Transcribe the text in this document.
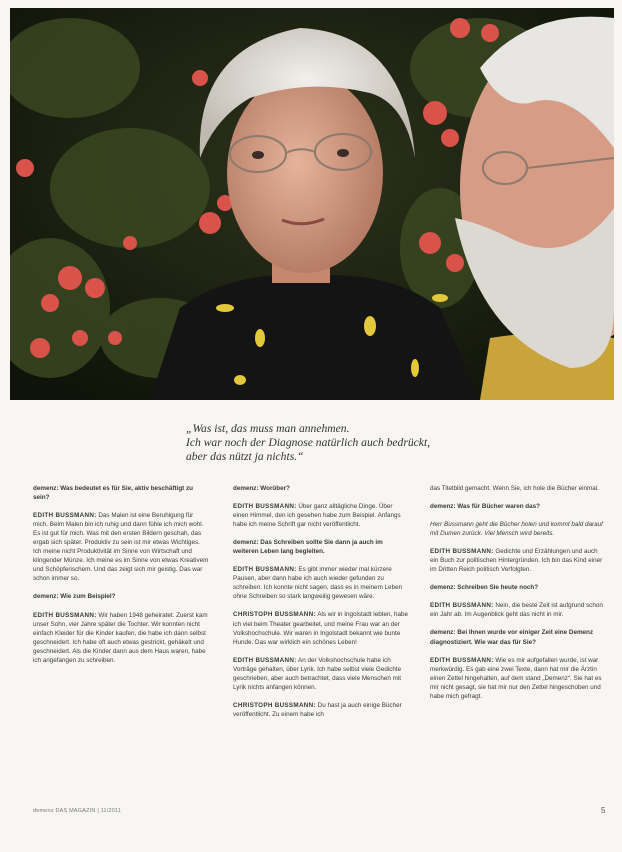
„Was ist, das muss man annehmen.
Ich war noch der Diagnose natürlich auch bedrückt,
aber das nützt ja nichts.“

demenz: Was bedeutet es für Sie, aktiv beschäftigt zu sein?

EDITH BUSSMANN: Das Malen ist eine Beruhigung für mich. Beim Malen bin ich ruhig und dann fühle ich mich wohl. Es ist gut für mich. Was mit den ersten Bildern geschah, das ergab sich später. Produktiv zu sein ist mir etwas Wichtiges. Ich meine nicht Produktivität im Sinne von Wirtschaft und klingender Münze. Ich meine es im Sinne von etwas Kreativem und Schöpferischem. Und das zeigt sich mir geistig. Das war schon immer so.

demenz: Wie zum Beispiel?

EDITH BUSSMANN: Wir haben 1948 geheiratet. Zuerst kam unser Sohn, vier Jahre später die Tochter. Wir konnten nicht einfach Kleider für die Kinder kaufen, die habe ich dann selbst geschneidert. Ich habe oft auch etwas gestrickt, gehäkelt und geschneidert. Als die Kinder dann aus dem Haus waren, habe ich angefangen zu schreiben.

demenz: Worüber?

EDITH BUSSMANN: Über ganz alltägliche Dinge. Über einen Himmel, den ich gesehen habe zum Beispiel. Anfangs habe ich meine Schrift gar nicht veröffentlicht.

demenz: Das Schreiben sollte Sie dann ja auch im weiteren Leben lang begleiten.

EDITH BUSSMANN: Es gibt immer wieder mal kürzere Pausen, aber dann habe ich auch wieder gefunden zu schreiben. Ich konnte nicht sagen, dass es in meinem Leben ohne Schreiben so stark langweilig gewesen wäre.

CHRISTOPH BUSSMANN: Als wir in Ingolstadt lebten, habe ich viel beim Theater gearbeitet, und meine Frau war an der Volkshochschule. Wir waren in Ingolstadt bekannt wie bunte Hunde. Das war wirklich ein schönes Leben!

EDITH BUSSMANN: An der Volkshochschule habe ich Vorträge gehalten, über Lyrik. Ich habe selbst viele Gedichte geschrieben, aber auch betrachtet, dass viele Menschen mit Lyrik nichts anfangen können.

CHRISTOPH BUSSMANN: Du hast ja auch einige Bücher veröffentlicht. Zu einem habe ich

das Titelbild gemacht. Wenn Sie, ich hole die Bücher einmal.

demenz: Was für Bücher waren das?

Herr Bussmann geht die Bücher holen und kommt bald darauf mit Dumen zurück. Viel Mensch wird bereits.

EDITH BUSSMANN: Gedichte und Erzählungen und auch ein Buch zur politischen Hintergründen. Ich bin das Kind einer im Dritten Reich politisch Verfolgten.

demenz: Schreiben Sie heute noch?

EDITH BUSSMANN: Nein, die beste Zeit ist aufgrund schon ein Jahr ab. Im Augenblick geht das nicht in mir.

demenz: Bei Ihnen wurde vor einiger Zeit eine Demenz diagnostiziert. Wie war das für Sie?

EDITH BUSSMANN: Wie es mir aufgefallen wurde, ist war merkwürdig. Es gab eine zwei Texte, dann hat mir die Ärztin einen Zettel hingehalten, auf dem stand „Demenz“. Sie hat es mir nicht gesagt, sie hat mir nur den Zettel hingeschoben und habe mich gefragt.

demenz DAS MAGAZIN | 11/2011	5
